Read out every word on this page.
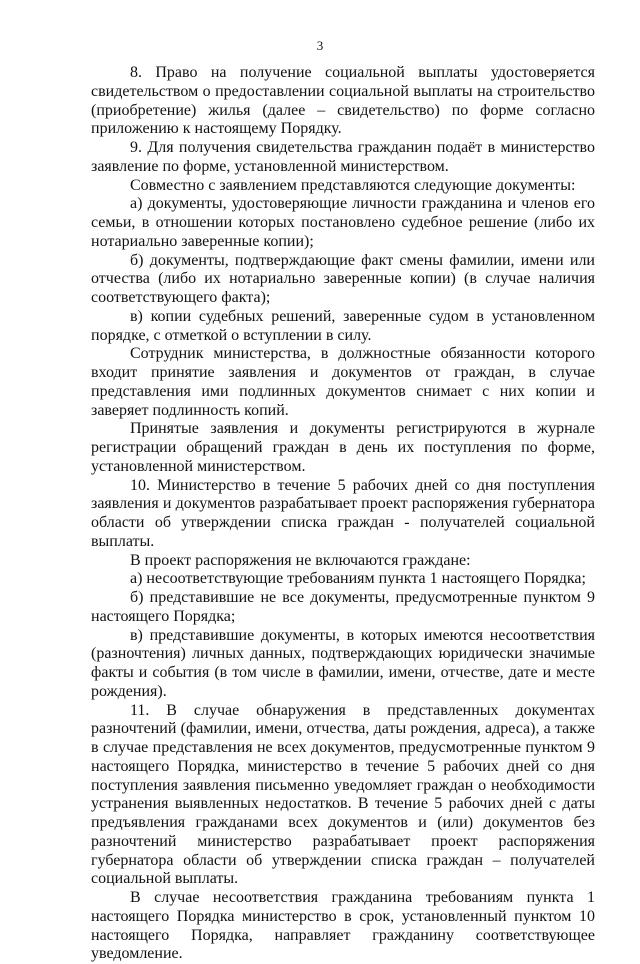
3

8. Право на получение социальной выплаты удостоверяется свидетельством о предоставлении социальной выплаты на строительство (приобретение) жилья (далее – свидетельство) по форме согласно приложению к настоящему Порядку.

9. Для получения свидетельства гражданин подаёт в министерство заявление по форме, установленной министерством.

Совместно с заявлением представляются следующие документы:

а) документы, удостоверяющие личности гражданина и членов его семьи, в отношении которых постановлено судебное решение (либо их нотариально заверенные копии);

б) документы, подтверждающие факт смены фамилии, имени или отчества (либо их нотариально заверенные копии) (в случае наличия соответствующего факта);

в) копии судебных решений, заверенные судом в установленном порядке, с отметкой о вступлении в силу.

Сотрудник министерства, в должностные обязанности которого входит принятие заявления и документов от граждан, в случае представления ими подлинных документов снимает с них копии и заверяет подлинность копий.

Принятые заявления и документы регистрируются в журнале регистрации обращений граждан в день их поступления по форме, установленной министерством.

10. Министерство в течение 5 рабочих дней со дня поступления заявления и документов разрабатывает проект распоряжения губернатора области об утверждении списка граждан - получателей социальной выплаты.

В проект распоряжения не включаются граждане:

а) несоответствующие требованиям пункта 1 настоящего Порядка;

б) представившие не все документы, предусмотренные пунктом 9 настоящего Порядка;

в) представившие документы, в которых имеются несоответствия (разночтения) личных данных, подтверждающих юридически значимые факты и события (в том числе в фамилии, имени, отчестве, дате и месте рождения).

11. В случае обнаружения в представленных документах разночтений (фамилии, имени, отчества, даты рождения, адреса), а также в случае представления не всех документов, предусмотренные пунктом 9 настоящего Порядка, министерство в течение 5 рабочих дней со дня поступления заявления письменно уведомляет граждан о необходимости устранения выявленных недостатков. В течение 5 рабочих дней с даты предъявления гражданами всех документов и (или) документов без разночтений министерство разрабатывает проект распоряжения губернатора области об утверждении списка граждан – получателей социальной выплаты.

В случае несоответствия гражданина требованиям пункта 1 настоящего Порядка министерство в срок, установленный пунктом 10 настоящего Порядка, направляет гражданину соответствующее уведомление.
